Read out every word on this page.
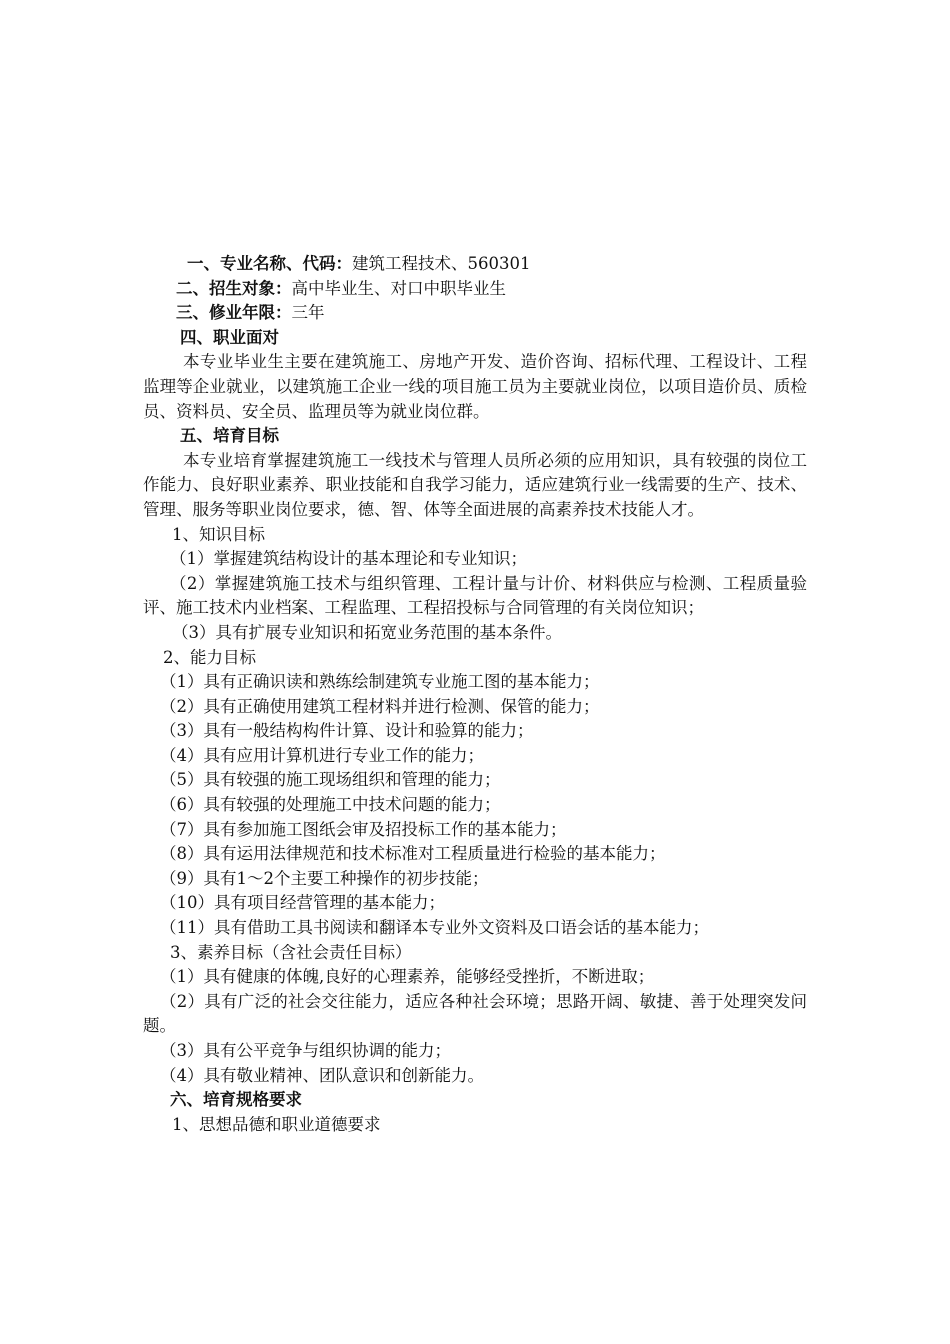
一、专业名称、代码：建筑工程技术、560301
二、招生对象：高中毕业生、对口中职毕业生
三、修业年限：三年
四、职业面对
本专业毕业生主要在建筑施工、房地产开发、造价咨询、招标代理、工程设计、工程监理等企业就业，以建筑施工企业一线的项目施工员为主要就业岗位，以项目造价员、质检员、资料员、安全员、监理员等为就业岗位群。
五、培育目标
本专业培育掌握建筑施工一线技术与管理人员所必须的应用知识，具有较强的岗位工作能力、良好职业素养、职业技能和自我学习能力，适应建筑行业一线需要的生产、技术、管理、服务等职业岗位要求，德、智、体等全面进展的高素养技术技能人才。
1、知识目标
（1）掌握建筑结构设计的基本理论和专业知识；
（2）掌握建筑施工技术与组织管理、工程计量与计价、材料供应与检测、工程质量验评、施工技术内业档案、工程监理、工程招投标与合同管理的有关岗位知识；
（3）具有扩展专业知识和拓宽业务范围的基本条件。
2、能力目标
（1）具有正确识读和熟练绘制建筑专业施工图的基本能力；
（2）具有正确使用建筑工程材料并进行检测、保管的能力；
（3）具有一般结构构件计算、设计和验算的能力；
（4）具有应用计算机进行专业工作的能力；
（5）具有较强的施工现场组织和管理的能力；
（6）具有较强的处理施工中技术问题的能力；
（7）具有参加施工图纸会审及招投标工作的基本能力；
（8）具有运用法律规范和技术标准对工程质量进行检验的基本能力；
（9）具有1～2个主要工种操作的初步技能；
（10）具有项目经营管理的基本能力；
（11）具有借助工具书阅读和翻译本专业外文资料及口语会话的基本能力；
3、素养目标（含社会责任目标）
（1）具有健康的体魄,良好的心理素养，能够经受挫折，不断进取；
（2）具有广泛的社会交往能力，适应各种社会环境；思路开阔、敏捷、善于处理突发问题。
（3）具有公平竞争与组织协调的能力；
（4）具有敬业精神、团队意识和创新能力。
六、培育规格要求
1、思想品德和职业道德要求
